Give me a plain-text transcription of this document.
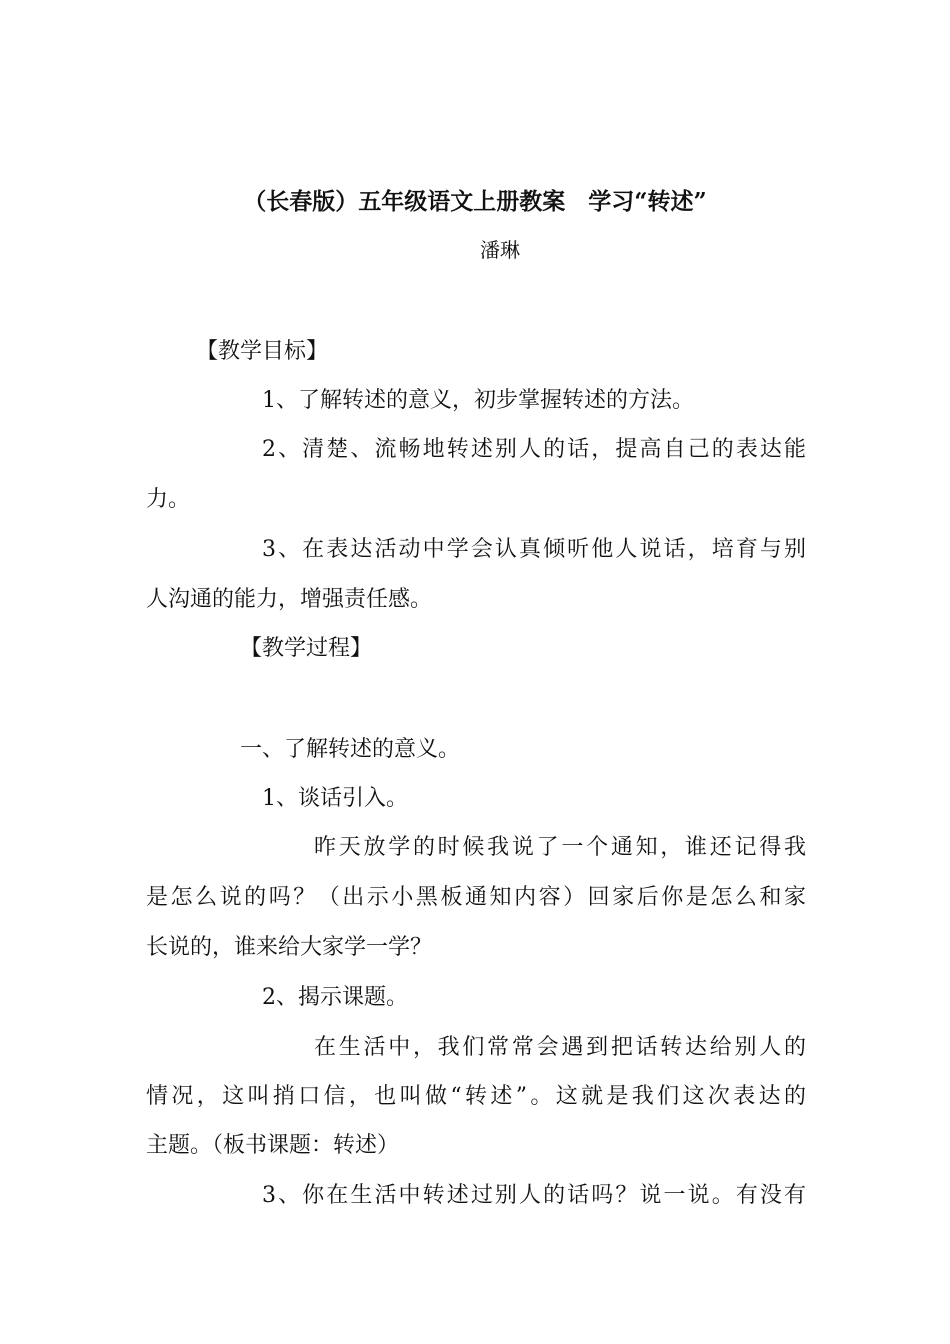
（长春版）五年级语文上册教案　学习“转述”
潘琳
【教学目标】
1、了解转述的意义，初步掌握转述的方法。
2、清楚、流畅地转述别人的话，提高自己的表达能
力。
3、在表达活动中学会认真倾听他人说话，培育与别
人沟通的能力，增强责任感。
【教学过程】
一、了解转述的意义。
1、谈话引入。
昨天放学的时候我说了一个通知，谁还记得我
是怎么说的吗？（出示小黑板通知内容）回家后你是怎么和家
长说的，谁来给大家学一学？
2、揭示课题。
在生活中，我们常常会遇到把话转达给别人的
情况，这叫捎口信，也叫做“转述”。这就是我们这次表达的
主题。（板书课题：转述）
3、你在生活中转述过别人的话吗？说一说。有没有
